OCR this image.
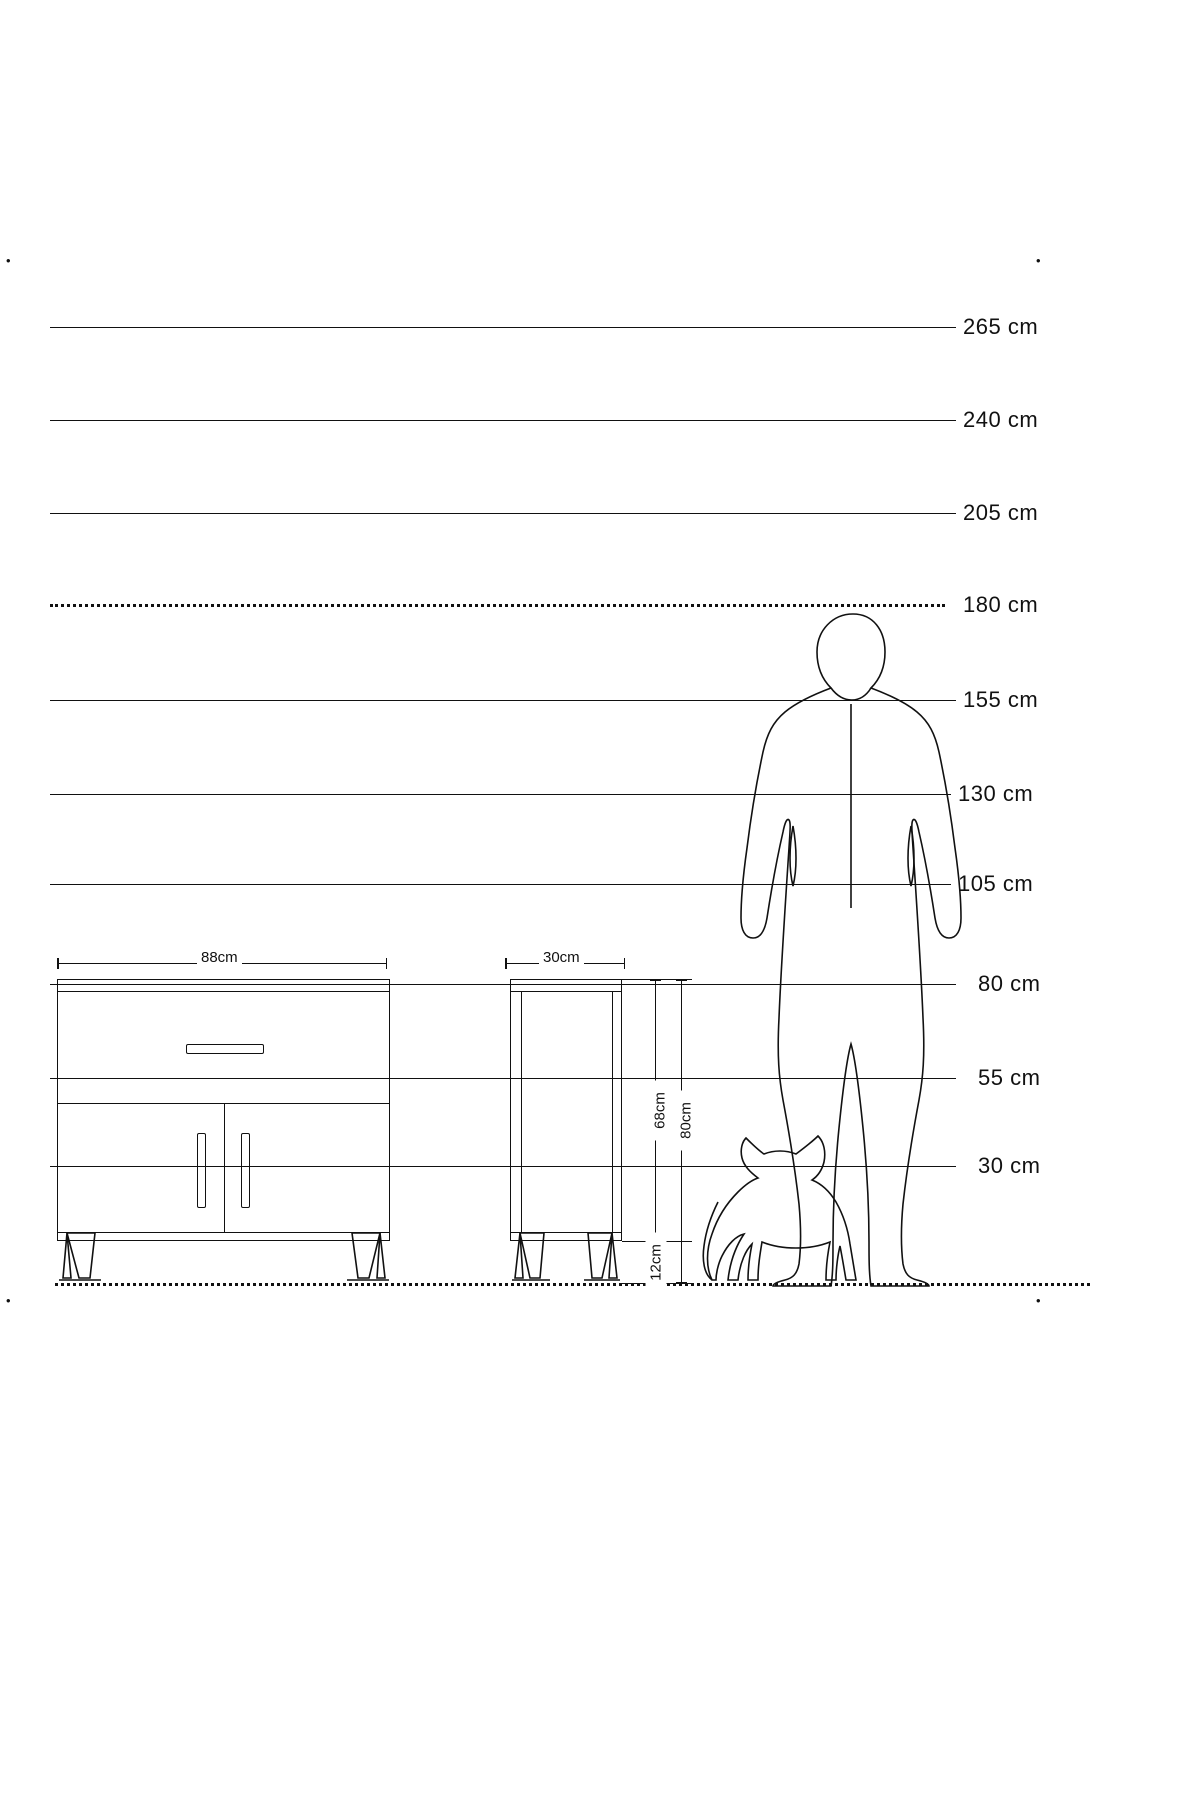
•	•
•	•
265 cm
240 cm
205 cm
180 cm
155 cm
130 cm
105 cm
80 cm
55 cm
30 cm
88cm	30cm
68cm 80cm
12cm
